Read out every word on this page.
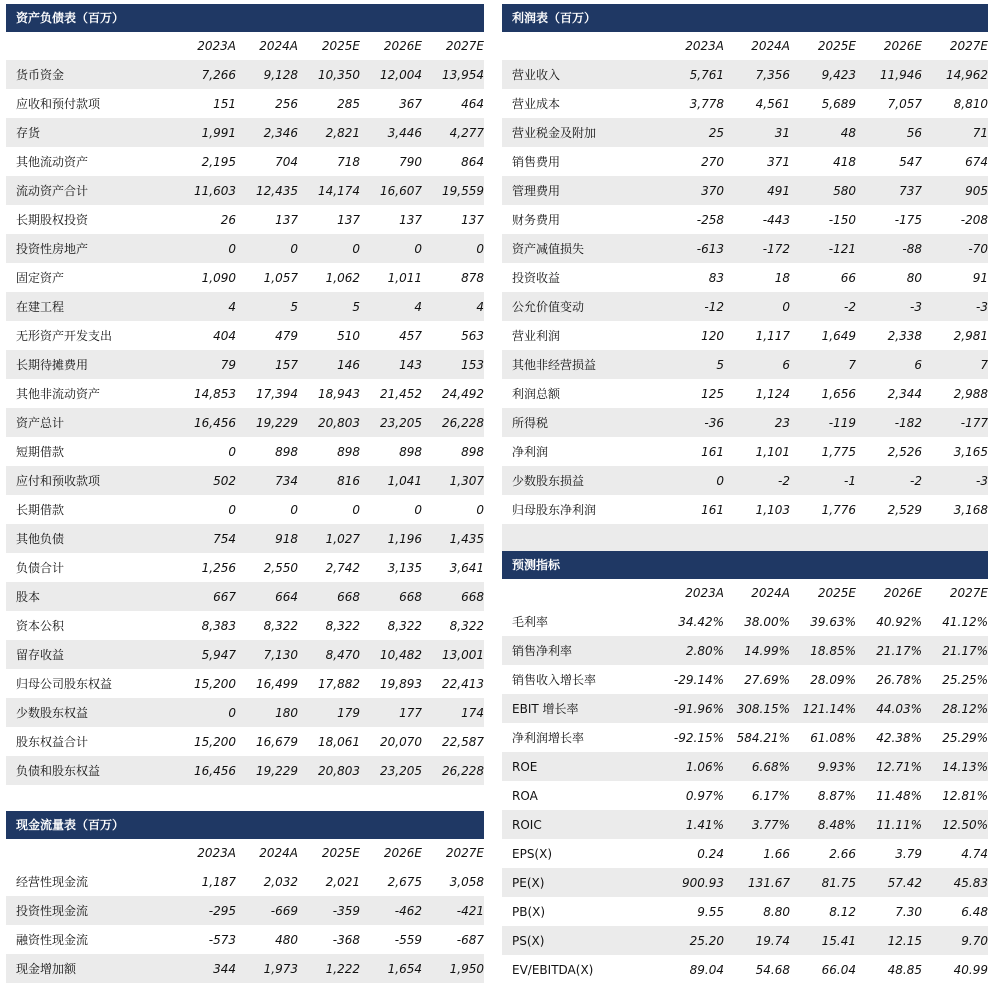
资产负债表（百万）
2023A	2024A	2025E	2026E	2027E
货币资金	7,266	9,128	10,350	12,004	13,954
应收和预付款项	151	256	285	367	464
存货	1,991	2,346	2,821	3,446	4,277
其他流动资产	2,195	704	718	790	864
流动资产合计	11,603	12,435	14,174	16,607	19,559
长期股权投资	26	137	137	137	137
投资性房地产	0	0	0	0	0
固定资产	1,090	1,057	1,062	1,011	878
在建工程	4	5	5	4	4
无形资产开发支出	404	479	510	457	563
长期待摊费用	79	157	146	143	153
其他非流动资产	14,853	17,394	18,943	21,452	24,492
资产总计	16,456	19,229	20,803	23,205	26,228
短期借款	0	898	898	898	898
应付和预收款项	502	734	816	1,041	1,307
长期借款	0	0	0	0	0
其他负债	754	918	1,027	1,196	1,435
负债合计	1,256	2,550	2,742	3,135	3,641
股本	667	664	668	668	668
资本公积	8,383	8,322	8,322	8,322	8,322
留存收益	5,947	7,130	8,470	10,482	13,001
归母公司股东权益	15,200	16,499	17,882	19,893	22,413
少数股东权益	0	180	179	177	174
股东权益合计	15,200	16,679	18,061	20,070	22,587
负债和股东权益	16,456	19,229	20,803	23,205	26,228
现金流量表（百万）
2023A	2024A	2025E	2026E	2027E
经营性现金流	1,187	2,032	2,021	2,675	3,058
投资性现金流	-295	-669	-359	-462	-421
融资性现金流	-573	480	-368	-559	-687
现金增加额	344	1,973	1,222	1,654	1,950
利润表（百万）
2023A	2024A	2025E	2026E	2027E
营业收入	5,761	7,356	9,423	11,946	14,962
营业成本	3,778	4,561	5,689	7,057	8,810
营业税金及附加	25	31	48	56	71
销售费用	270	371	418	547	674
管理费用	370	491	580	737	905
财务费用	-258	-443	-150	-175	-208
资产减值损失	-613	-172	-121	-88	-70
投资收益	83	18	66	80	91
公允价值变动	-12	0	-2	-3	-3
营业利润	120	1,117	1,649	2,338	2,981
其他非经营损益	5	6	7	6	7
利润总额	125	1,124	1,656	2,344	2,988
所得税	-36	23	-119	-182	-177
净利润	161	1,101	1,775	2,526	3,165
少数股东损益	0	-2	-1	-2	-3
归母股东净利润	161	1,103	1,776	2,529	3,168
预测指标
2023A	2024A	2025E	2026E	2027E
毛利率	34.42%	38.00%	39.63%	40.92%	41.12%
销售净利率	2.80%	14.99%	18.85%	21.17%	21.17%
销售收入增长率	-29.14%	27.69%	28.09%	26.78%	25.25%
EBIT 增长率	-91.96%	308.15%	121.14%	44.03%	28.12%
净利润增长率	-92.15%	584.21%	61.08%	42.38%	25.29%
ROE	1.06%	6.68%	9.93%	12.71%	14.13%
ROA	0.97%	6.17%	8.87%	11.48%	12.81%
ROIC	1.41%	3.77%	8.48%	11.11%	12.50%
EPS(X)	0.24	1.66	2.66	3.79	4.74
PE(X)	900.93	131.67	81.75	57.42	45.83
PB(X)	9.55	8.80	8.12	7.30	6.48
PS(X)	25.20	19.74	15.41	12.15	9.70
EV/EBITDA(X)	89.04	54.68	66.04	48.85	40.99
